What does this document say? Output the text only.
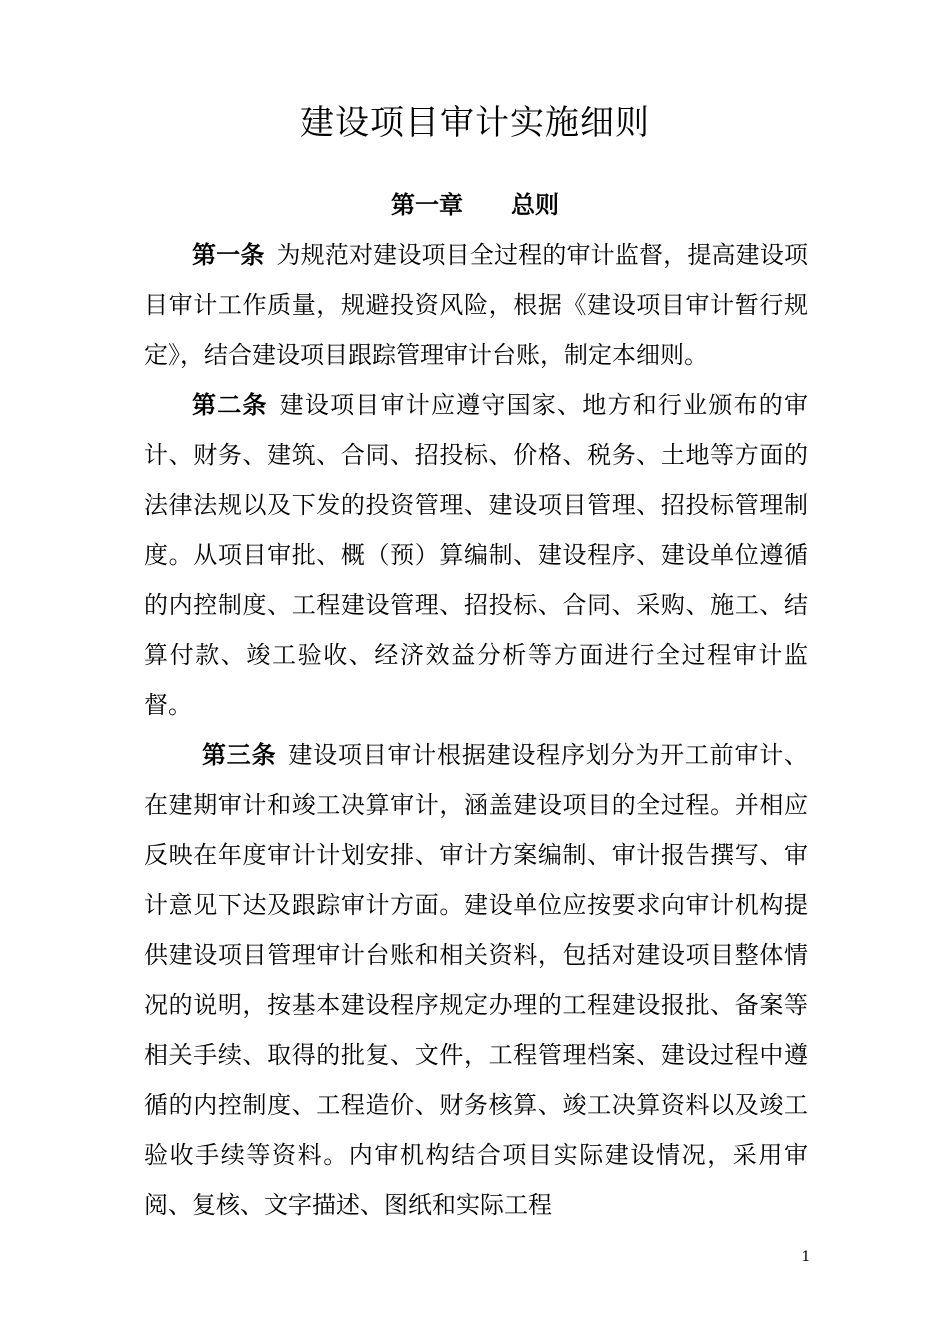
建设项目审计实施细则
第一章 总则

第一条 为规范对建设项目全过程的审计监督，提高建设项目审计工作质量，规避投资风险，根据《建设项目审计暂行规定》，结合建设项目跟踪管理审计台账，制定本细则。

第二条 建设项目审计应遵守国家、地方和行业颁布的审计、财务、建筑、合同、招投标、价格、税务、土地等方面的法律法规以及下发的投资管理、建设项目管理、招投标管理制度。从项目审批、概（预）算编制、建设程序、建设单位遵循的内控制度、工程建设管理、招投标、合同、采购、施工、结算付款、竣工验收、经济效益分析等方面进行全过程审计监督。

第三条 建设项目审计根据建设程序划分为开工前审计、在建期审计和竣工决算审计，涵盖建设项目的全过程。并相应反映在年度审计计划安排、审计方案编制、审计报告撰写、审计意见下达及跟踪审计方面。建设单位应按要求向审计机构提供建设项目管理审计台账和相关资料，包括对建设项目整体情况的说明，按基本建设程序规定办理的工程建设报批、备案等相关手续、取得的批复、文件，工程管理档案、建设过程中遵循的内控制度、工程造价、财务核算、竣工决算资料以及竣工验收手续等资料。内审机构结合项目实际建设情况，采用审阅、复核、文字描述、图纸和实际工程

1
